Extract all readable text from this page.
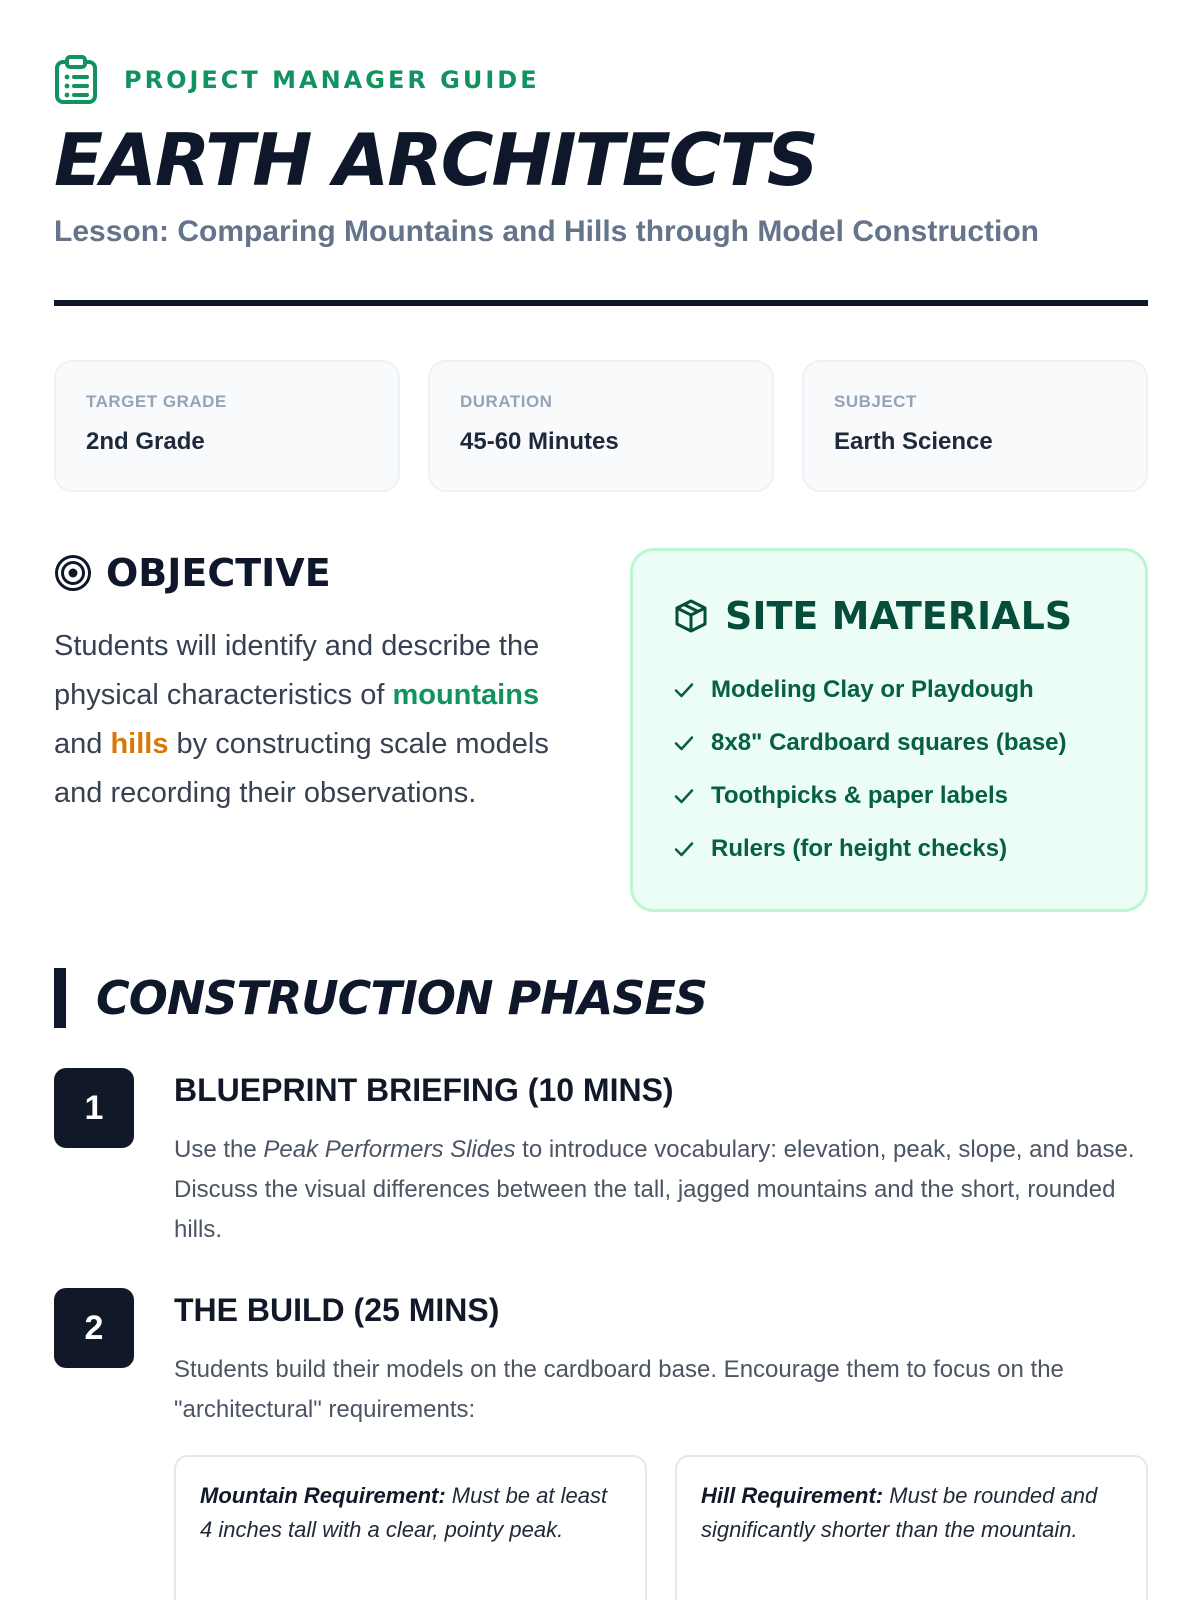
PROJECT MANAGER GUIDE
EARTH ARCHITECTS
Lesson: Comparing Mountains and Hills through Model Construction
TARGET GRADE
2nd Grade
DURATION
45-60 Minutes
SUBJECT
Earth Science
OBJECTIVE

Students will identify and describe the physical characteristics of mountains and hills by constructing scale models and recording their observations.

SITE MATERIALS
Modeling Clay or Playdough
8x8" Cardboard squares (base)
Toothpicks & paper labels
Rulers (for height checks)
CONSTRUCTION PHASES
1	BLUEPRINT BRIEFING (10 MINS)

Use the Peak Performers Slides to introduce vocabulary: elevation, peak, slope, and base. Discuss the visual differences between the tall, jagged mountains and the short, rounded hills.

2	THE BUILD (25 MINS)

Students build their models on the cardboard base. Encourage them to focus on the "architectural" requirements:

Mountain Requirement: Must be at least 4 inches tall with a clear, pointy peak.
Hill Requirement: Must be rounded and significantly shorter than the mountain.
